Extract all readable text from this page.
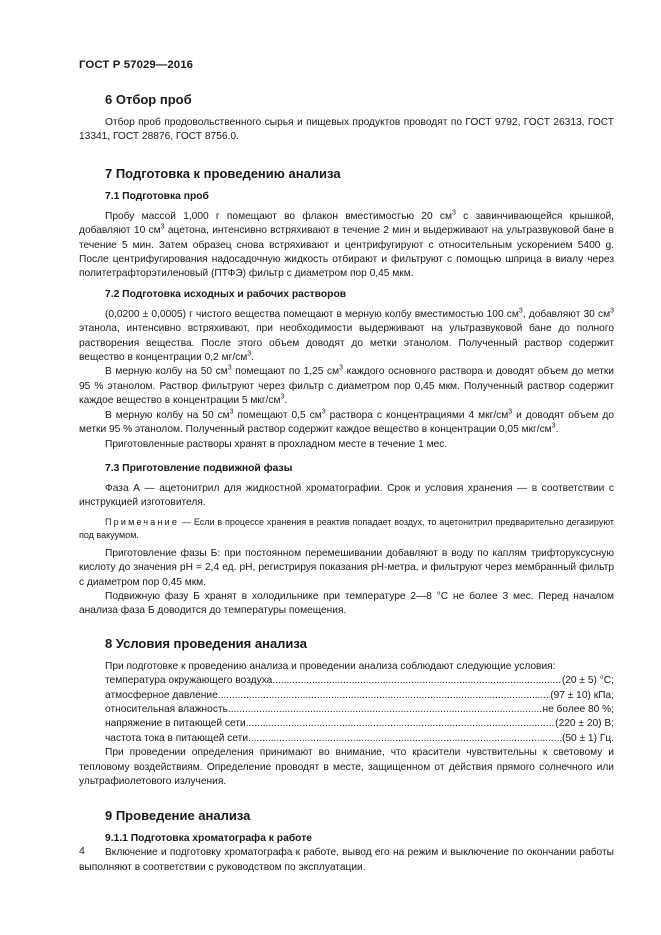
ГОСТ Р 57029—2016
6 Отбор проб

Отбор проб продовольственного сырья и пищевых продуктов проводят по ГОСТ 9792, ГОСТ 26313, ГОСТ 13341, ГОСТ 28876, ГОСТ 8756.0.

7 Подготовка к проведению анализа
7.1 Подготовка проб

Пробу массой 1,000 г помещают во флакон вместимостью 20 $см^3$ с завинчивающейся крышкой, добавляют 10 $см^3$ ацетона, интенсивно встряхивают в течение 2 мин и выдерживают на ультразвуковой бане в течение 5 мин. Затем образец снова встряхивают и центрифугируют с относительным ускорением 5400 g. После центрифугирования надосадочную жидкость отбирают и фильтруют с помощью шприца в виалу через политетрафторэтиленовый (ПТФЭ) фильтр с диаметром пор 0,45 мкм.

7.2 Подготовка исходных и рабочих растворов

(0,0200 ± 0,0005) г чистого вещества помещают в мерную колбу вместимостью 100 $см^3$, добавляют 30 $см^3$ этанола, интенсивно встряхивают, при необходимости выдерживают на ультразвуковой бане до полного растворения вещества. После этого объем доводят до метки этанолом. Полученный раствор содержит вещество в концентрации 0,2 $мг/см^3$.

В мерную колбу на 50 $см^3$ помещают по 1,25 $см^3$ каждого основного раствора и доводят объем до метки 95 % этанолом. Раствор фильтруют через фильтр с диаметром пор 0,45 мкм. Полученный раствор содержит каждое вещество в концентрации 5 мкг/$см^3$.

В мерную колбу на 50 $см^3$ помещают 0,5 $см^3$ раствора с концентрациями 4 мкг/$см^3$ и доводят объем до метки 95 % этанолом. Полученный раствор содержит каждое вещество в концентрации 0,05 мкг/$см^3$.

Приготовленные растворы хранят в прохладном месте в течение 1 мес.

7.3 Приготовление подвижной фазы

Фаза А — ацетонитрил для жидкостной хроматографии. Срок и условия хранения — в соответствии с инструкцией изготовителя.

Примечание — Если в процессе хранения в реактив попадает воздух, то ацетонитрил предварительно дегазируют под вакуумом.

Приготовление фазы Б: при постоянном перемешивании добавляют в воду по каплям трифторуксусную кислоту до значения рН = 2,4 ед. рН, регистрируя показания рН-метра, и фильтруют через мембранный фильтр с диаметром пор 0,45 мкм.

Подвижную фазу Б хранят в холодильнике при температуре 2—8 °С не более 3 мес. Перед началом анализа фаза Б доводится до температуры помещения.

8 Условия проведения анализа

При подготовке к проведению анализа и проведении анализа соблюдают следующие условия:

температура окружающего воздуха .....	(20 ± 5) °С;
атмосферное давление .....	(97 ± 10) кПа;
относительная влажность .....	не более 80 %;
напряжение в питающей сети .....	(220 ± 20) В;
частота тока в питающей сети .....	(50 ± 1) Гц.

При проведении определения принимают во внимание, что красители чувствительны к световому и тепловому воздействиям. Определение проводят в месте, защищенном от действия прямого солнечного или ультрафиолетового излучения.

9 Проведение анализа
9.1.1 Подготовка хроматографа к работе

Включение и подготовку хроматографа к работе, вывод его на режим и выключение по окончании работы выполняют в соответствии с руководством по эксплуатации.

4
